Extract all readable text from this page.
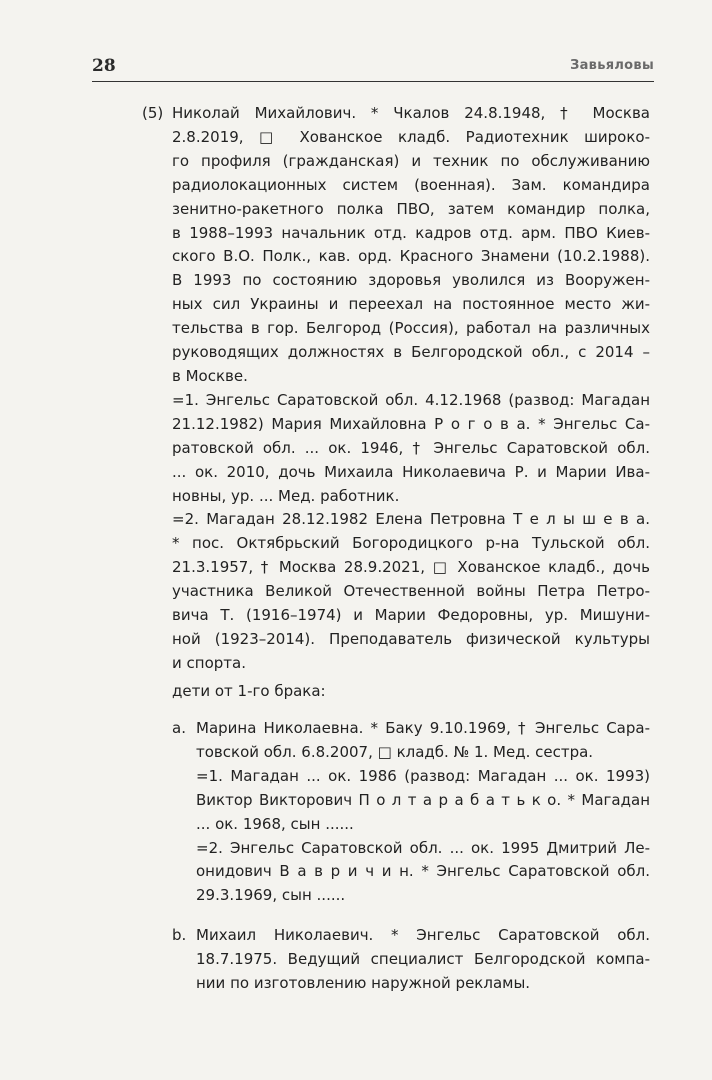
28	Завьяловы
(5) Николай Михайлович. * Чкалов 24.8.1948, † Москва
2.8.2019, □ Хованское кладб. Радиотехник широко-
го профиля (гражданская) и техник по обслуживанию
радиолокационных систем (военная). Зам. командира
зенитно-ракетного полка ПВО, затем командир полка,
в 1988–1993 начальник отд. кадров отд. арм. ПВО Киев-
ского В.О. Полк., кав. орд. Красного Знамени (10.2.1988).
В 1993 по состоянию здоровья уволился из Вооружен-
ных сил Украины и переехал на постоянное место жи-
тельства в гор. Белгород (Россия), работал на различных
руководящих должностях в Белгородской обл., с 2014 –
в Москве.
=1. Энгельс Саратовской обл. 4.12.1968 (развод: Магадан
21.12.1982) Мария Михайловна Р о г о в а. * Энгельс Са-
ратовской обл. ... ок. 1946, † Энгельс Саратовской обл.
... ок. 2010, дочь Михаила Николаевича Р. и Марии Ива-
новны, ур. ... Мед. работник.
=2. Магадан 28.12.1982 Елена Петровна Т е л ы ш е в а.
* пос. Октябрьский Богородицкого р-на Тульской обл.
21.3.1957, † Москва 28.9.2021, □ Хованское кладб., дочь
участника Великой Отечественной войны Петра Петро-
вича Т. (1916–1974) и Марии Федоровны, ур. Мишуни-
ной (1923–2014). Преподаватель физической культуры
и спорта.
дети от 1-го брака:
a. Марина Николаевна. * Баку 9.10.1969, † Энгельс Сара-
товской обл. 6.8.2007, □ кладб. № 1. Мед. сестра.
=1. Магадан ... ок. 1986 (развод: Магадан ... ок. 1993)
Виктор Викторович П о л т а р а б а т ь к о. * Магадан
... ок. 1968, сын ......
=2. Энгельс Саратовской обл. ... ок. 1995 Дмитрий Ле-
онидович В а в р и ч и н. * Энгельс Саратовской обл.
29.3.1969, сын ......
b. Михаил Николаевич. * Энгельс Саратовской обл.
18.7.1975. Ведущий специалист Белгородской компа-
нии по изготовлению наружной рекламы.
